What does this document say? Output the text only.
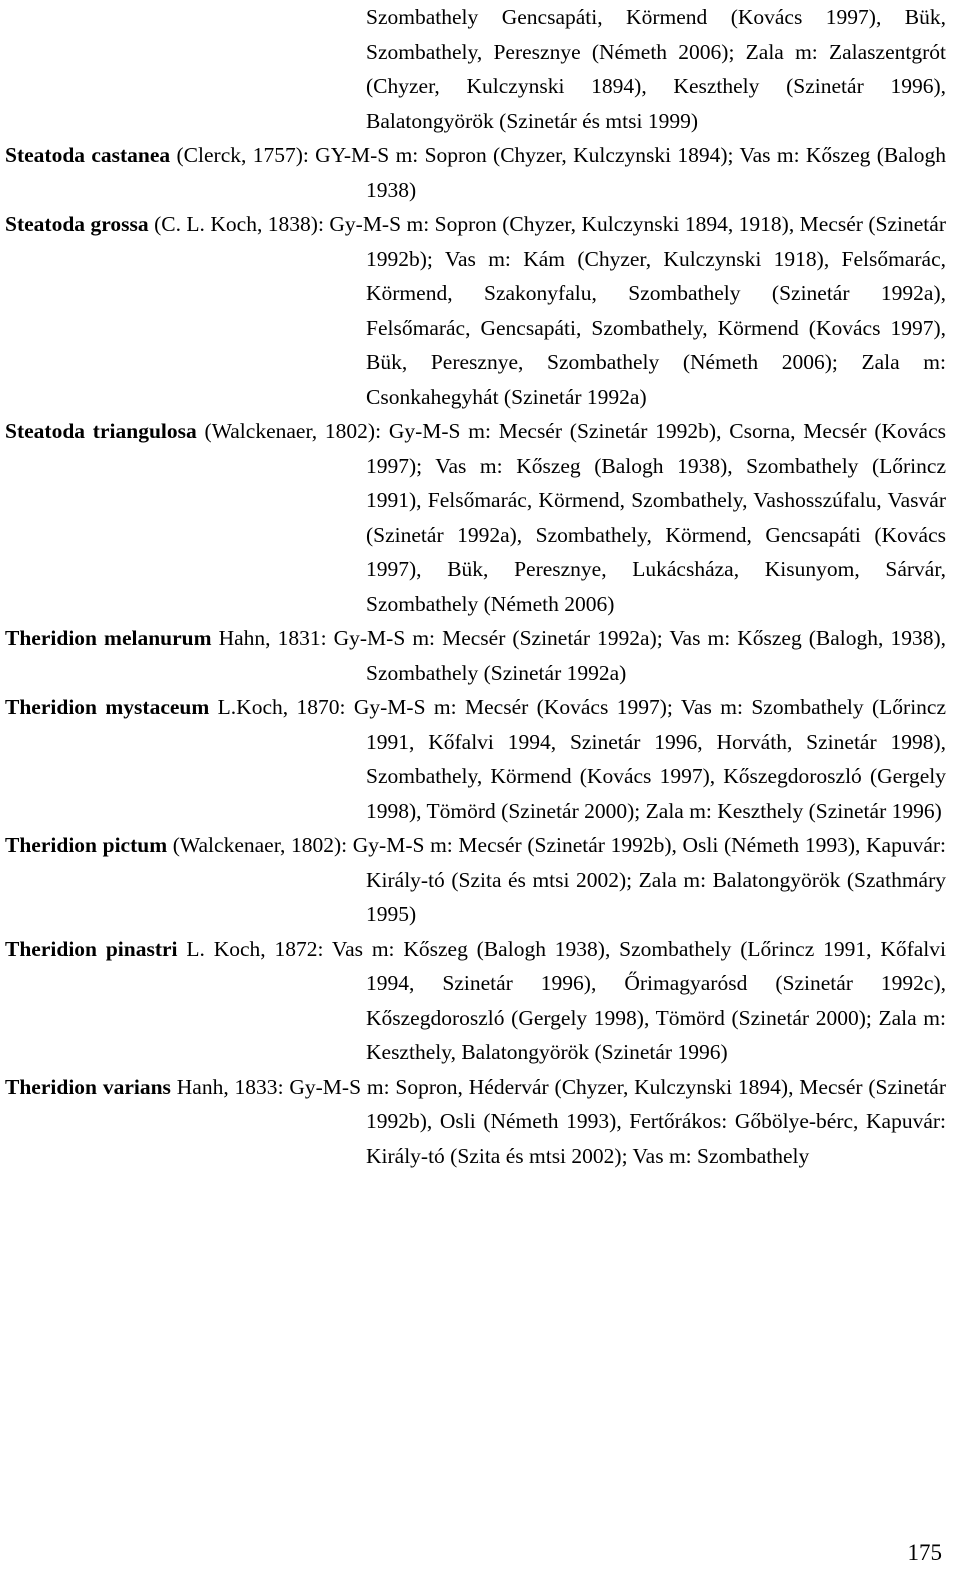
Szombathely Gencsapáti, Körmend (Kovács 1997), Bük, Szombathely, Peresznye (Németh 2006); Zala m: Zalaszentgrót (Chyzer, Kulczynski 1894), Keszthely (Szinetár 1996), Balatongyörök (Szinetár és mtsi 1999)

Steatoda castanea (Clerck, 1757): GY-M-S m: Sopron (Chyzer, Kulczynski 1894); Vas m: Kőszeg (Balogh 1938)

Steatoda grossa (C. L. Koch, 1838): Gy-M-S m: Sopron (Chyzer, Kulczynski 1894, 1918), Mecsér (Szinetár 1992b); Vas m: Kám (Chyzer, Kulczynski 1918), Felsőmarác, Körmend, Szakonyfalu, Szombathely (Szinetár 1992a), Felsőmarác, Gencsapáti, Szombathely, Körmend (Kovács 1997), Bük, Peresznye, Szombathely (Németh 2006); Zala m: Csonkahegyhát (Szinetár 1992a)

Steatoda triangulosa (Walckenaer, 1802): Gy-M-S m: Mecsér (Szinetár 1992b), Csorna, Mecsér (Kovács 1997); Vas m: Kőszeg (Balogh 1938), Szombathely (Lőrincz 1991), Felsőmarác, Körmend, Szombathely, Vashosszúfalu, Vasvár (Szinetár 1992a), Szombathely, Körmend, Gencsapáti (Kovács 1997), Bük, Peresznye, Lukácsháza, Kisunyom, Sárvár, Szombathely (Németh 2006)

Theridion melanurum Hahn, 1831: Gy-M-S m: Mecsér (Szinetár 1992a); Vas m: Kőszeg (Balogh, 1938), Szombathely (Szinetár 1992a)

Theridion mystaceum L.Koch, 1870: Gy-M-S m: Mecsér (Kovács 1997); Vas m: Szombathely (Lőrincz 1991, Kőfalvi 1994, Szinetár 1996, Horváth, Szinetár 1998), Szombathely, Körmend (Kovács 1997), Kőszegdoroszló (Gergely 1998), Tömörd (Szinetár 2000); Zala m: Keszthely (Szinetár 1996)

Theridion pictum (Walckenaer, 1802): Gy-M-S m: Mecsér (Szinetár 1992b), Osli (Németh 1993), Kapuvár: Király-tó (Szita és mtsi 2002); Zala m: Balatongyörök (Szathmáry 1995)

Theridion pinastri L. Koch, 1872: Vas m: Kőszeg (Balogh 1938), Szombathely (Lőrincz 1991, Kőfalvi 1994, Szinetár 1996), Őrimagyarósd (Szinetár 1992c), Kőszegdoroszló (Gergely 1998), Tömörd (Szinetár 2000); Zala m: Keszthely, Balatongyörök (Szinetár 1996)

Theridion varians Hanh, 1833: Gy-M-S m: Sopron, Hédervár (Chyzer, Kulczynski 1894), Mecsér (Szinetár 1992b), Osli (Németh 1993), Fertőrákos: Gőbölye-bérc, Kapuvár: Király-tó (Szita és mtsi 2002); Vas m: Szombathely

175
